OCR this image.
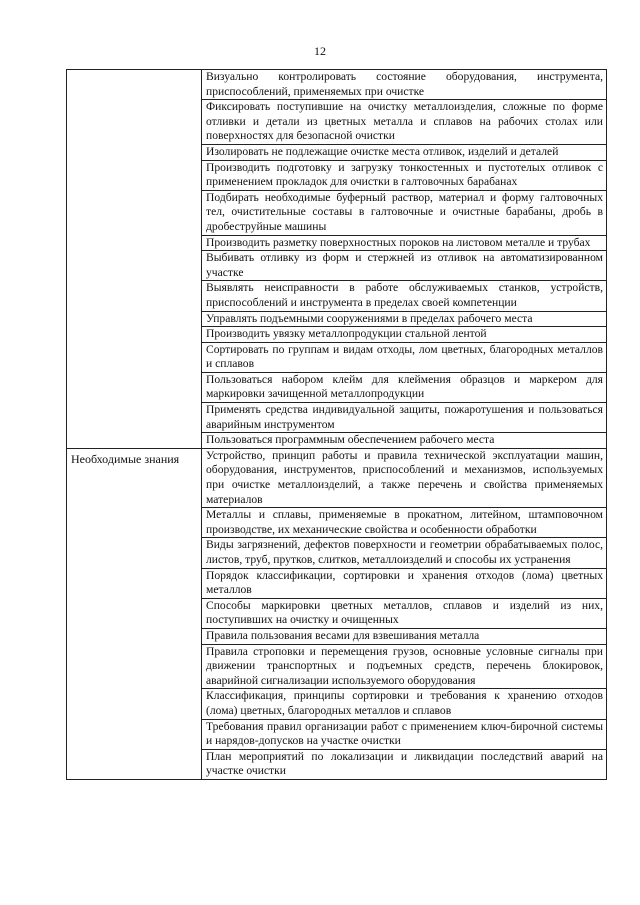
12
	Визуально контролировать состояние оборудования, инструмента, приспособлений, применяемых при очистке
	Фиксировать поступившие на очистку металлоизделия, сложные по форме отливки и детали из цветных металла и сплавов на рабочих столах или поверхностях для безопасной очистки
	Изолировать не подлежащие очистке места отливок, изделий и деталей
	Производить подготовку и загрузку тонкостенных и пустотелых отливок с применением прокладок для очистки в галтовочных барабанах
	Подбирать необходимые буферный раствор, материал и форму галтовочных тел, очистительные составы в галтовочные и очистные барабаны, дробь в дробеструйные машины
	Производить разметку поверхностных пороков на листовом металле и трубах
	Выбивать отливку из форм и стержней из отливок на автоматизированном участке
	Выявлять неисправности в работе обслуживаемых станков, устройств, приспособлений и инструмента в пределах своей компетенции
	Управлять подъемными сооружениями в пределах рабочего места
	Производить увязку металлопродукции стальной лентой
	Сортировать по группам и видам отходы, лом цветных, благородных металлов и сплавов
	Пользоваться набором клейм для клеймения образцов и маркером для маркировки зачищенной металлопродукции
	Применять средства индивидуальной защиты, пожаротушения и пользоваться аварийным инструментом
	Пользоваться программным обеспечением рабочего места
Необходимые знания	Устройство, принцип работы и правила технической эксплуатации машин, оборудования, инструментов, приспособлений и механизмов, используемых при очистке металлоизделий, а также перечень и свойства применяемых материалов
	Металлы и сплавы, применяемые в прокатном, литейном, штамповочном производстве, их механические свойства и особенности обработки
	Виды загрязнений, дефектов поверхности и геометрии обрабатываемых полос, листов, труб, прутков, слитков, металлоизделий и способы их устранения
	Порядок классификации, сортировки и хранения отходов (лома) цветных металлов
	Способы маркировки цветных металлов, сплавов и изделий из них, поступивших на очистку и очищенных
	Правила пользования весами для взвешивания металла
	Правила строповки и перемещения грузов, основные условные сигналы при движении транспортных и подъемных средств, перечень блокировок, аварийной сигнализации используемого оборудования
	Классификация, принципы сортировки и требования к хранению отходов (лома) цветных, благородных металлов и сплавов
	Требования правил организации работ с применением ключ-бирочной системы и нарядов-допусков на участке очистки
	План мероприятий по локализации и ликвидации последствий аварий на участке очистки
